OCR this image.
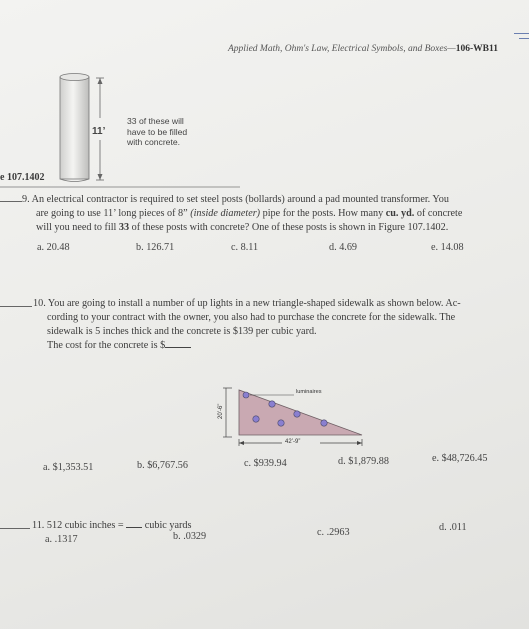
Applied Math, Ohm's Law, Electrical Symbols, and Boxes—106-WB11
11’
33 of these will
have to be filled
with concrete.
e 107.1402
9. An electrical contractor is required to set steel posts (bollards) around a pad mounted transformer. You
are going to use 11’ long pieces of 8” (inside diameter) pipe for the posts. How many cu. yd. of concrete
will you need to fill 33 of these posts with concrete? One of these posts is shown in Figure 107.1402.
a. 20.48	b. 126.71	c. 8.11	d. 4.69	e. 14.08
10. You are going to install a number of up lights in a new triangle-shaped sidewalk as shown below. Ac-
cording to your contract with the owner, you also had to purchase the concrete for the sidewalk. The
sidewalk is 5 inches thick and the concrete is $139 per cubic yard.
The cost for the concrete is $
luminaires
20’-6”
42’-9”
a. $1,353.51	b. $6,767.56	c. $939.94	d. $1,879.88	e. $48,726.45
11. 512 cubic inches = cubic yards
a. .1317	b. .0329	c. .2963	d. .011
